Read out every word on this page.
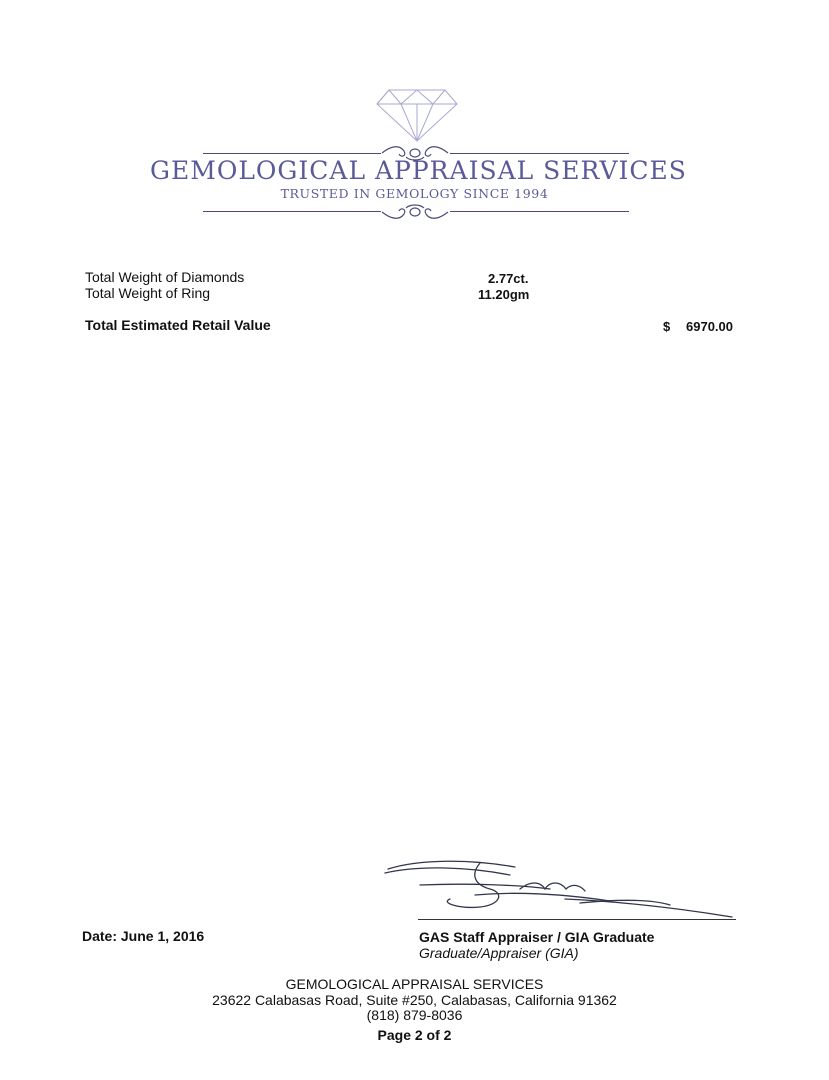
GEMOLOGICAL APPRAISAL SERVICES
TRUSTED IN GEMOLOGY SINCE 1994
Total Weight of Diamonds	2.77ct.
Total Weight of Ring	11.20gm
Total Estimated Retail Value	$ 6970.00
Date: June 1, 2016	GAS Staff Appraiser / GIA Graduate
Graduate/Appraiser (GIA)
GEMOLOGICAL APPRAISAL SERVICES
23622 Calabasas Road, Suite #250, Calabasas, California 91362
(818) 879-8036
Page 2 of 2
